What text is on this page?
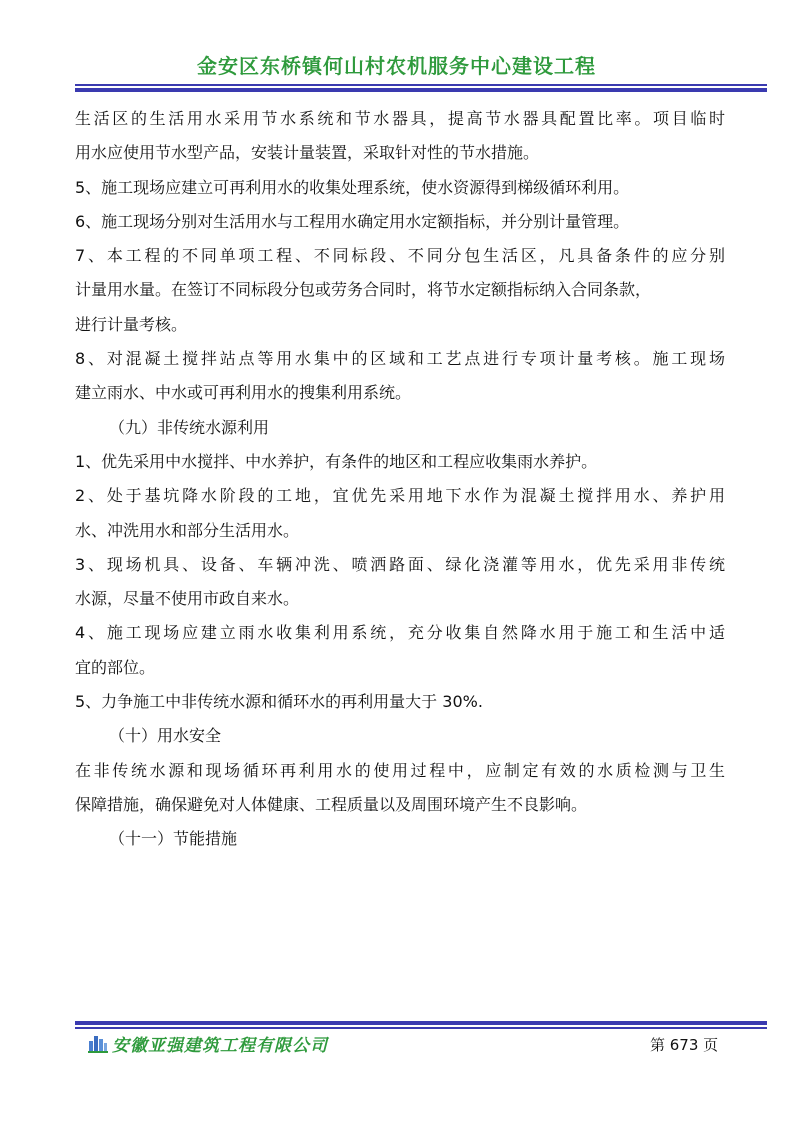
金安区东桥镇何山村农机服务中心建设工程
生活区的生活用水采用节水系统和节水器具，提高节水器具配置比率。项目临时
用水应使用节水型产品，安装计量装置，采取针对性的节水措施。
5、施工现场应建立可再利用水的收集处理系统，使水资源得到梯级循环利用。
6、施工现场分别对生活用水与工程用水确定用水定额指标，并分别计量管理。
7、本工程的不同单项工程、不同标段、不同分包生活区，凡具备条件的应分别
计量用水量。在签订不同标段分包或劳务合同时，将节水定额指标纳入合同条款，
进行计量考核。
8、对混凝土搅拌站点等用水集中的区域和工艺点进行专项计量考核。施工现场
建立雨水、中水或可再利用水的搜集利用系统。
（九）非传统水源利用
1、优先采用中水搅拌、中水养护，有条件的地区和工程应收集雨水养护。
2、处于基坑降水阶段的工地，宜优先采用地下水作为混凝土搅拌用水、养护用
水、冲洗用水和部分生活用水。
3、现场机具、设备、车辆冲洗、喷洒路面、绿化浇灌等用水，优先采用非传统
水源，尽量不使用市政自来水。
4、施工现场应建立雨水收集利用系统，充分收集自然降水用于施工和生活中适
宜的部位。
5、力争施工中非传统水源和循环水的再利用量大于 30%.
（十）用水安全
在非传统水源和现场循环再利用水的使用过程中，应制定有效的水质检测与卫生
保障措施，确保避免对人体健康、工程质量以及周围环境产生不良影响。
（十一）节能措施
安徽亚强建筑工程有限公司	第 673 页
